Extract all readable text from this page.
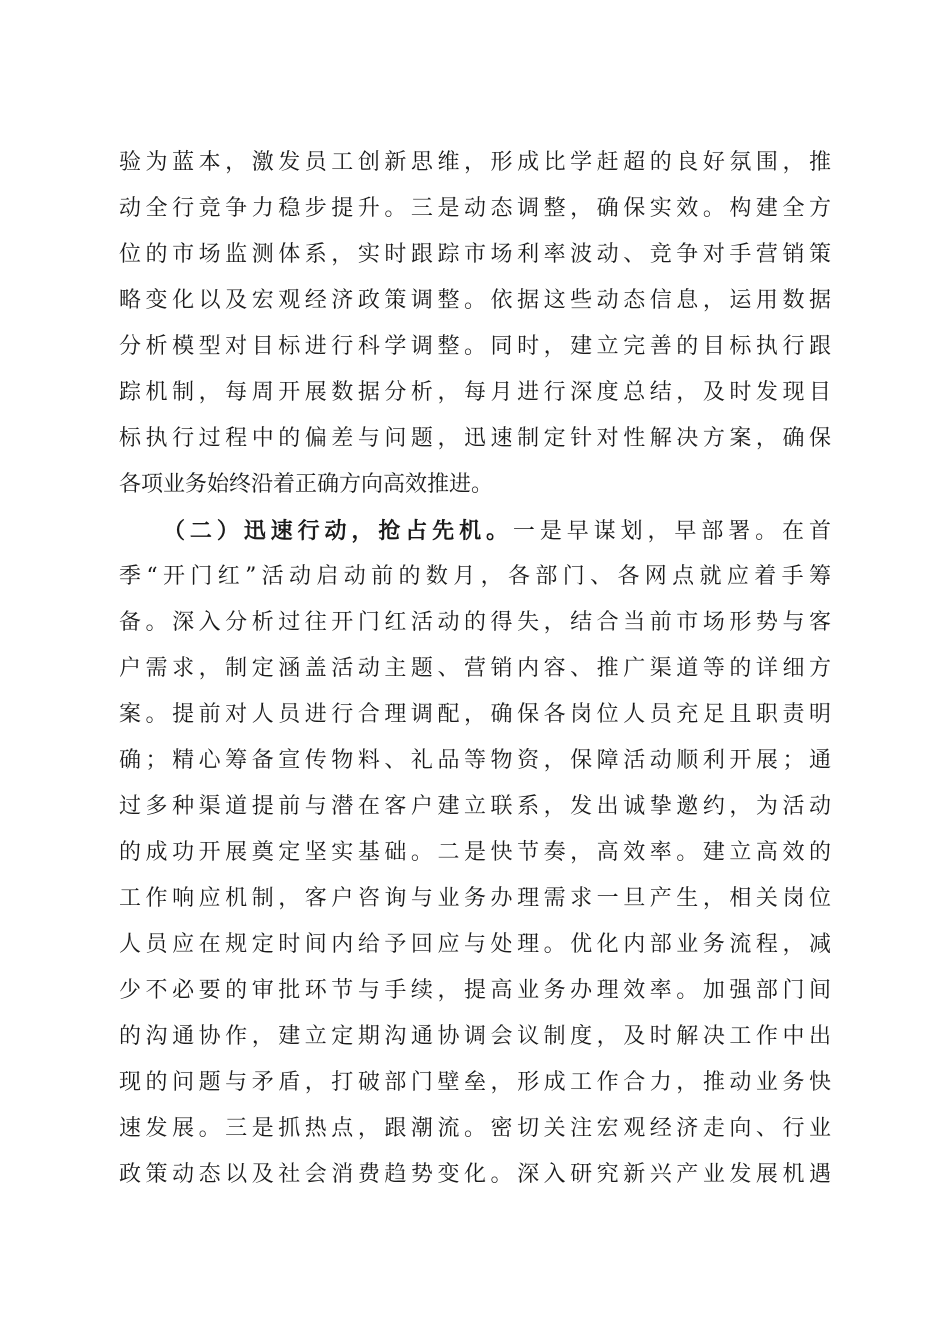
验为蓝本，激发员工创新思维，形成比学赶超的良好氛围，推
动全行竞争力稳步提升。三是动态调整，确保实效。构建全方
位的市场监测体系，实时跟踪市场利率波动、竞争对手营销策
略变化以及宏观经济政策调整。依据这些动态信息，运用数据
分析模型对目标进行科学调整。同时，建立完善的目标执行跟
踪机制，每周开展数据分析，每月进行深度总结，及时发现目
标执行过程中的偏差与问题，迅速制定针对性解决方案，确保
各项业务始终沿着正确方向高效推进。
（二）迅速行动，抢占先机。一是早谋划，早部署。在首
季“开门红”活动启动前的数月，各部门、各网点就应着手筹
备。深入分析过往开门红活动的得失，结合当前市场形势与客
户需求，制定涵盖活动主题、营销内容、推广渠道等的详细方
案。提前对人员进行合理调配，确保各岗位人员充足且职责明
确；精心筹备宣传物料、礼品等物资，保障活动顺利开展；通
过多种渠道提前与潜在客户建立联系，发出诚挚邀约，为活动
的成功开展奠定坚实基础。二是快节奏，高效率。建立高效的
工作响应机制，客户咨询与业务办理需求一旦产生，相关岗位
人员应在规定时间内给予回应与处理。优化内部业务流程，减
少不必要的审批环节与手续，提高业务办理效率。加强部门间
的沟通协作，建立定期沟通协调会议制度，及时解决工作中出
现的问题与矛盾，打破部门壁垒，形成工作合力，推动业务快
速发展。三是抓热点，跟潮流。密切关注宏观经济走向、行业
政策动态以及社会消费趋势变化。深入研究新兴产业发展机遇
